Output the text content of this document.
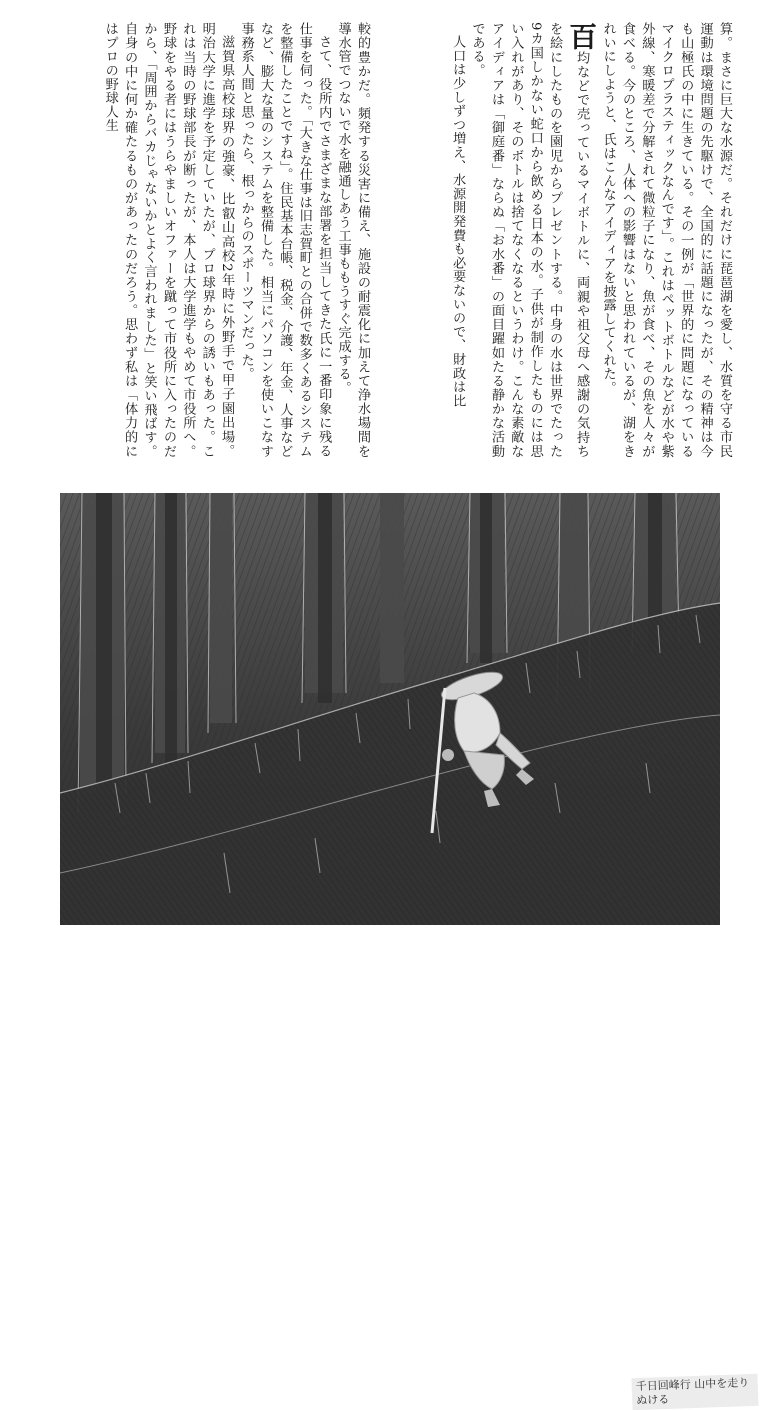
算。まさに巨大な水源だ。それだけに琵琶湖を愛し、水質を守る市民運動は環境問題の先駆けで、全国的に話題になったが、その精神は今も山極氏の中に生きている。その一例が「世界的に問題になっているマイクロプラスティックなんです」。これはペットボトルなどが水や紫外線、寒暖差で分解されて微粒子になり、魚が食べ、その魚を人々が食べる。今のところ、人体への影響はないと思われているが、湖をきれいにしようと、氏はこんなアイディアを披露してくれた。

百均などで売っているマイボトルに、両親や祖父母へ感謝の気持ちを絵にしたものを園児からプレゼントする。中身の水は世界でたった9カ国しかない蛇口から飲める日本の水。子供が制作したものには思い入れがあり、そのボトルは捨てなくなるというわけ。こんな素敵なアイディアは「御庭番」ならぬ「お水番」の面目躍如たる静かな活動である。

人口は少しずつ増え、水源開発費も必要ないので、財政は比

較的豊かだ。頻発する災害に備え、施設の耐震化に加えて浄水場間を導水管でつないで水を融通しあう工事ももうすぐ完成する。

さて、役所内でさまざまな部署を担当してきた氏に一番印象に残る仕事を伺った。「大きな仕事は旧志賀町との合併で数多くあるシステムを整備したことですね」。住民基本台帳、税金、介護、年金、人事などなど、膨大な量のシステムを整備した。相当にパソコンを使いこなす事務系人間と思ったら、根っからのスポーツマンだった。

滋賀県高校球界の強豪、比叡山高校2年時に外野手で甲子園出場。明治大学に進学を予定していたが、プロ球界からの誘いもあった。これは当時の野球部長が断ったが、本人は大学進学もやめて市役所へ。野球をやる者にはうらやましいオファーを蹴って市役所に入ったのだから、「周囲からバカじゃないかとよく言われました」と笑い飛ばす。自身の中に何か確たるものがあったのだろう。思わず私は「体力的にはプロの野球人生

千日回峰行 山中を走りぬける
